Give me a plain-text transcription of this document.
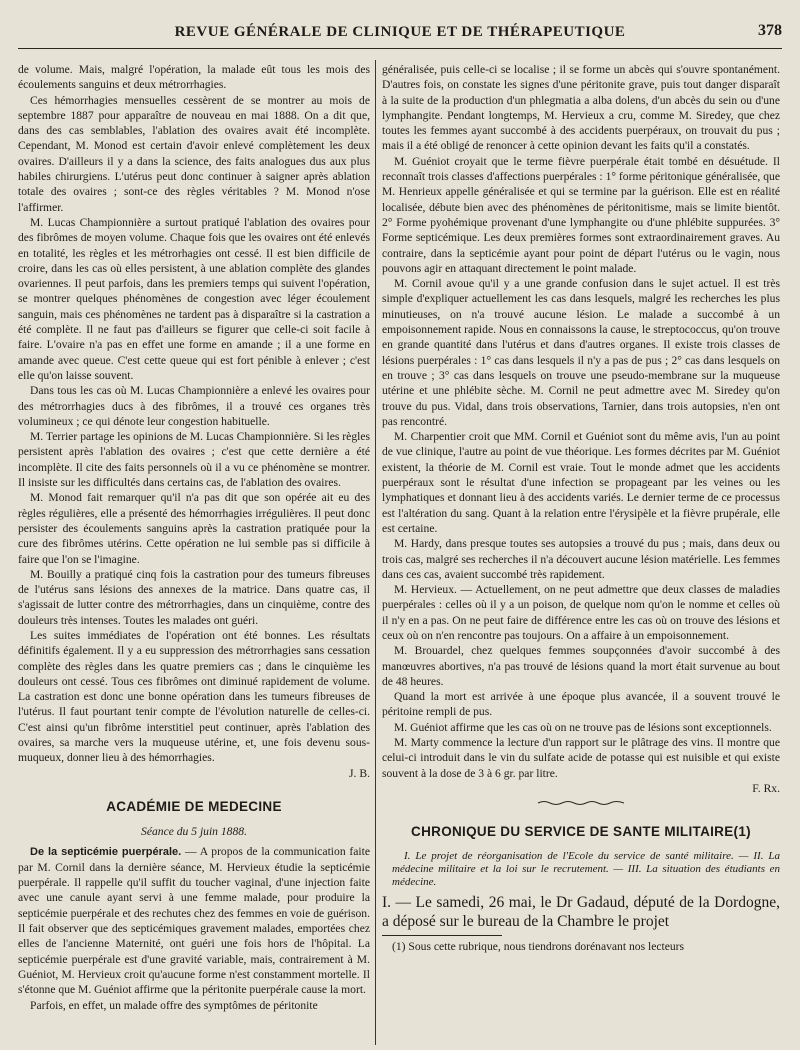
REVUE GÉNÉRALE DE CLINIQUE ET DE THÉRAPEUTIQUE	378

de volume. Mais, malgré l'opération, la malade eût tous les mois des écoulements sanguins et deux métrorrhagies.

Ces hémorrhagies mensuelles cessèrent de se montrer au mois de septembre 1887 pour apparaître de nouveau en mai 1888. On a dit que, dans des cas semblables, l'ablation des ovaires avait été incomplète. Cependant, M. Monod est certain d'avoir enlevé complètement les deux ovaires. D'ailleurs il y a dans la science, des faits analogues dus aux plus habiles chirurgiens. L'utérus peut donc continuer à saigner après ablation totale des ovaires ; sont-ce des règles véritables ? M. Monod n'ose l'affirmer.

M. Lucas Championnière a surtout pratiqué l'ablation des ovaires pour des fibrômes de moyen volume. Chaque fois que les ovaires ont été enlevés en totalité, les règles et les métrorhagies ont cessé. Il est bien difficile de croire, dans les cas où elles persistent, à une ablation complète des glandes ovariennes. Il peut parfois, dans les premiers temps qui suivent l'opération, se montrer quelques phénomènes de congestion avec léger écoulement sanguin, mais ces phénomènes ne tardent pas à disparaître si la castration a été complète. Il ne faut pas d'ailleurs se figurer que celle-ci soit facile à faire. L'ovaire n'a pas en effet une forme en amande ; il a une forme en amande avec queue. C'est cette queue qui est fort pénible à enlever ; c'est elle qu'on laisse souvent.

Dans tous les cas où M. Lucas Championnière a enlevé les ovaires pour des métrorrhagies ducs à des fibrômes, il a trouvé ces organes très volumineux ; ce qui dénote leur congestion habituelle.

M. Terrier partage les opinions de M. Lucas Championnière. Si les règles persistent après l'ablation des ovaires ; c'est que cette dernière a été incomplète. Il cite des faits personnels où il a vu ce phénomène se montrer. Il insiste sur les difficultés dans certains cas, de l'ablation des ovaires.

M. Monod fait remarquer qu'il n'a pas dit que son opérée ait eu des règles régulières, elle a présenté des hémorrhagies irrégulières. Il peut donc persister des écoulements sanguins après la castration pratiquée pour la cure des fibrômes utérins. Cette opération ne lui semble pas si difficile à faire que l'on se l'imagine.

M. Bouilly a pratiqué cinq fois la castration pour des tumeurs fibreuses de l'utérus sans lésions des annexes de la matrice. Dans quatre cas, il s'agissait de lutter contre des métrorrhagies, dans un cinquième, contre des douleurs très intenses. Toutes les malades ont guéri.

Les suites immédiates de l'opération ont été bonnes. Les résultats définitifs également. Il y a eu suppression des métrorrhagies sans cessation complète des règles dans les quatre premiers cas ; dans le cinquième les douleurs ont cessé. Tous ces fibrômes ont diminué rapidement de volume. La castration est donc une bonne opération dans les tumeurs fibreuses de l'utérus. Il faut pourtant tenir compte de l'évolution naturelle de celles-ci. C'est ainsi qu'un fibrôme interstitiel peut continuer, après l'ablation des ovaires, sa marche vers la muqueuse utérine, et, une fois devenu sous-muqueux, donner lieu à des hémorrhagies.

J. B.

ACADÉMIE DE MEDECINE
Séance du 5 juin 1888.

De la septicémie puerpérale. — A propos de la communication faite par M. Cornil dans la dernière séance, M. Hervieux étudie la septicémie puerpérale. Il rappelle qu'il suffit du toucher vaginal, d'une injection faite avec une canule ayant servi à une femme malade, pour produire la septicémie puerpérale et des rechutes chez des femmes en voie de guérison. Il fait observer que des septicémiques gravement malades, emportées chez elles de l'ancienne Maternité, ont guéri une fois hors de l'hôpital. La septicémie puerpérale est d'une gravité variable, mais, contrairement à M. Guéniot, M. Hervieux croit qu'aucune forme n'est constamment mortelle. Il s'étonne que M. Guéniot affirme que la péritonite puerpérale cause la mort.

Parfois, en effet, un malade offre des symptômes de péritonite

généralisée, puis celle-ci se localise ; il se forme un abcès qui s'ouvre spontanément. D'autres fois, on constate les signes d'une péritonite grave, puis tout danger disparaît à la suite de la production d'un phlegmatia a alba dolens, d'un abcès du sein ou d'une lymphangite. Pendant longtemps, M. Hervieux a cru, comme M. Siredey, que chez toutes les femmes ayant succombé à des accidents puerpéraux, on trouvait du pus ; mais il a été obligé de renoncer à cette opinion devant les faits qu'il a constatés.

M. Guéniot croyait que le terme fièvre puerpérale était tombé en désuétude. Il reconnaît trois classes d'affections puerpérales : 1° forme péritonique généralisée, que M. Henrieux appelle généralisée et qui se termine par la guérison. Elle est en réalité localisée, débute bien avec des phénomènes de péritonitisme, mais se limite bientôt. 2° Forme pyohémique provenant d'une lymphangite ou d'une phlébite suppurées. 3° Forme septicémique. Les deux premières formes sont extraordinairement graves. Au contraire, dans la septicémie ayant pour point de départ l'utérus ou le vagin, nous pouvons agir en attaquant directement le point malade.

M. Cornil avoue qu'il y a une grande confusion dans le sujet actuel. Il est très simple d'expliquer actuellement les cas dans lesquels, malgré les recherches les plus minutieuses, on n'a trouvé aucune lésion. Le malade a succombé à un empoisonnement rapide. Nous en connaissons la cause, le streptococcus, qu'on trouve en grande quantité dans l'utérus et dans d'autres organes. Il existe trois classes de lésions puerpérales : 1° cas dans lesquels il n'y a pas de pus ; 2° cas dans lesquels on en trouve ; 3° cas dans lesquels on trouve une pseudo-membrane sur la muqueuse utérine et une phlébite sèche. M. Cornil ne peut admettre avec M. Siredey qu'on trouve du pus. Vidal, dans trois observations, Tarnier, dans trois autopsies, n'en ont pas rencontré.

M. Charpentier croit que MM. Cornil et Guéniot sont du même avis, l'un au point de vue clinique, l'autre au point de vue théorique. Les formes décrites par M. Guéniot existent, la théorie de M. Cornil est vraie. Tout le monde admet que les accidents puerpéraux sont le résultat d'une infection se propageant par les veines ou les lymphatiques et donnant lieu à des accidents variés. Le dernier terme de ce processus est l'altération du sang. Quant à la relation entre l'érysipèle et la fièvre prupérale, elle est certaine.

M. Hardy, dans presque toutes ses autopsies a trouvé du pus ; mais, dans deux ou trois cas, malgré ses recherches il n'a découvert aucune lésion matérielle. Les femmes dans ces cas, avaient succombé très rapidement.

M. Hervieux. — Actuellement, on ne peut admettre que deux classes de maladies puerpérales : celles où il y a un poison, de quelque nom qu'on le nomme et celles où il n'y en a pas. On ne peut faire de différence entre les cas où on trouve des lésions et ceux où on n'en rencontre pas toujours. On a affaire à un empoisonnement.

M. Brouardel, chez quelques femmes soupçonnées d'avoir succombé à des manœuvres abortives, n'a pas trouvé de lésions quand la mort était survenue au bout de 48 heures.

Quand la mort est arrivée à une époque plus avancée, il a souvent trouvé le péritoine rempli de pus.

M. Guéniot affirme que les cas où on ne trouve pas de lésions sont exceptionnels.

M. Marty commence la lecture d'un rapport sur le plâtrage des vins. Il montre que celui-ci introduit dans le vin du sulfate acide de potasse qui est nuisible et qui existe souvent à la dose de 3 à 6 gr. par litre.

F. Rx.

CHRONIQUE DU SERVICE DE SANTE MILITAIRE(1)

I. Le projet de réorganisation de l'Ecole du service de santé militaire. — II. La médecine militaire et la loi sur le recrutement. — III. La situation des étudiants en médecine.

I. — Le samedi, 26 mai, le Dr Gadaud, député de la Dordogne, a déposé sur le bureau de la Chambre le projet

(1) Sous cette rubrique, nous tiendrons dorénavant nos lecteurs
